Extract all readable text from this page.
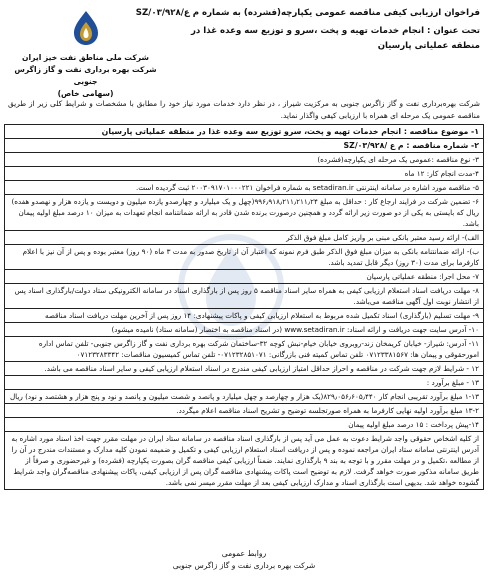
فراخوان ارزیابی کیفی مناقصه عمومی یکپارچه(فشرده) به شماره م ع/۹۲۸/SZ/۰۳
تحت عنوان : انجام خدمات تهیه و پخت ،سرو و توزیع سه وعده غذا در منطقه عملیاتی پارسیان
شرکت ملی مناطق نفت خیز ایران
شرکت بهره برداری نفت و گاز زاگرس جنوبی
(سهامی خاص)
شرکت بهره‌برداری نفت و گاز زاگرس جنوبی به مرکزیت شیراز ، در نظر دارد خدمات مورد نیاز خود را مطابق با مشخصات و شرایط کلی زیر از طریق مناقصه عمومی یک مرحله ای همراه با ارزیابی کیفی واگذار نماید.
۱- موضوع مناقصه : انجام خدمات تهیه و پخت، سرو توزیع سه وعده غذا در منطقه عملیاتی پارسیان
۲- شماره مناقصه : م ع /۹۲۸/SZ/۰۳
۳- نوع مناقصه :عمومی یک مرحله ای یکپارچه(فشرده)
۴-مدت انجام کار: ۱۲ ماه
۵- مناقصه مورد اشاره در سامانه اینترنتی setadiran.ir به شماره فراخوان ۲۰۰۳۰۹۱۷۰۱۰۰۰۲۲۱ ثبت گردیده است.
۶- تضمین شرکت در فرایند ارجاع کار : حداقل به مبلغ ۹۹۶٫۹۱۸٫۲۱۱٫۲۱۱٫۲۴(چهل و یک میلیارد و چهارصدو یازده میلیون و دویست و یازده هزار و نهصدو هفده) ریال که بایستی به یکی از دو صورت زیر ارائه گردد و همچنین درصورت برنده شدن قادر به ارائه ضمانتنامه انجام تعهدات به میزان ۱۰ درصد مبلغ اولیه پیمان باشد.
الف)- ارائه رسید معتبر بانکی مبنی بر واریز کامل مبلغ فوق الذکر
ب)- ارائه ضمانتنامه بانکی به میزان مبلغ فوق الذکر طبق فرم نمونه که اعتبار آن از تاریخ صدور به مدت ۳ ماه (۹۰ روز) معتبر بوده و پس از آن نیز با اعلام کارفرما برای مدت (۳۰ روز) دیگر قابل تمدید باشد.
۷- محل اجرا: منطقه عملیاتی پارسیان
۸- مهلت دریافت اسناد استعلام ارزیابی کیفی به همراه سایر اسناد مناقصه ۵ روز پس از بارگذاری اسناد در سامانه الکترونیکی ستاد دولت/بارگذاری اسناد پس از انتشار نوبت اول آگهی مناقصه می‌باشد.
۹- مهلت تسلیم (بارگذاری) اسناد تکمیل شده مربوط به استعلام ارزیابی کیفی و پاکات پیشنهادی: ۱۴ روز پس از آخرین مهلت دریافت اسناد مناقصه
۱۰- آدرس سایت جهت دریافت و ارائه اسناد: www.setadiran.ir (در اسناد مناقصه به اختصار (سامانه ستاد) نامیده میشود)
۱۱- آدرس: شیراز- خیابان کریمخان زند-روبروی خیابان خیام-نبش کوچه ۳۲-ساختمان شرکت بهره برداری نفت و گاز زاگرس جنوبی- تلفن تماس اداره امورحقوقی و پیمان ها: ۰۷۱۲۳۳۸۱۵۶۷ تلفن تماس کمیته فنی بازرگانی: ۰۷۱۲۳۲۸۵۱۰۷۱- تلفن تماس کمیسیون مناقصات: ۰۷۱۲۳۲۸۳۳۴۲
۱۲ - شرایط لازم جهت شرکت در مناقصه و احراز حداقل امتیاز ارزیابی کیفی مندرج در اسناد استعلام ارزیابی کیفی و سایر اسناد مناقصه می باشد.
۱۳ - مبلغ برآورد :
۱-۱۳ مبلغ برآورد تقریبی انجام کار ۸۲۹٫۰۵۶٫۶۰۵٫۴۴۰(یک هزار و چهارصد و چهل میلیارد و پانصد و شصت میلیون و پانصد و نود و پنج هزار و هشتصد و نود) ریال
۱۳-۲ مبلغ برآورد اولیه نهایی کارفرما به همراه صورتجلسه توضیح و تشریح اسناد مناقصه اعلام میگردد.
۱۴-پیش پرداخت : ۱۵ درصد مبلغ اولیه پیمان
از کلیه اشخاص حقوقی واجد شرایط دعوت به عمل می آید پس از بارگذاری اسناد مناقصه در سامانه ستاد ایران در مهلت مقرر جهت اخذ اسناد مورد اشاره به آدرس اینترنتی سامانه ستاد ایران مراجعه نموده و پس از دریافت اسناد استعلام ارزیابی کیفی و تکمیل و ضمیمه نمودن کلیه مدارک و مستندات مندرج در آن را از مطالعه ،تکمیل و در مهلت مقرر و با توجه به بند ۹ بارگذاری نمایند. ضمناً ارزیابی کیفی مناقصه گران بصورت یکپارچه (فشرده) و غیرحضوری و صرفاً از طریق سامانه مذکور صورت خواهد گرفت. لازم به توضیح است پاکات پیشنهادی مناقصه گران پس از ارزیابی کیفی، پاکات پیشنهادی مناقصه‌گران واجد شرایط گشوده خواهد شد. بدیهی است بارگذاری اسناد و مدارک ارزیابی کیفی بعد از مهلت مقرر میسر نمی باشد.
روابط عمومی
شرکت بهره برداری نفت و گاز زاگرس جنوبی
